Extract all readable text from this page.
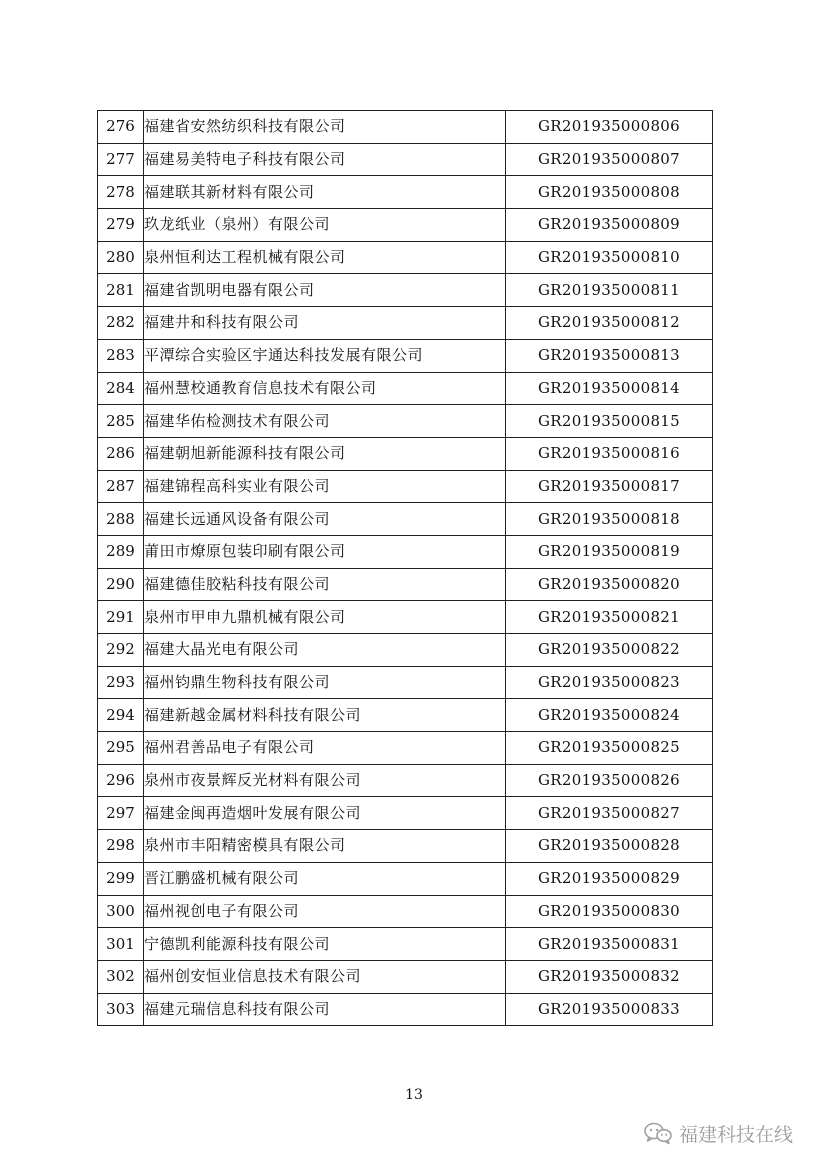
276	福建省安然纺织科技有限公司	GR201935000806
277	福建易美特电子科技有限公司	GR201935000807
278	福建联其新材料有限公司	GR201935000808
279	玖龙纸业（泉州）有限公司	GR201935000809
280	泉州恒利达工程机械有限公司	GR201935000810
281	福建省凯明电器有限公司	GR201935000811
282	福建井和科技有限公司	GR201935000812
283	平潭综合实验区宇通达科技发展有限公司	GR201935000813
284	福州慧校通教育信息技术有限公司	GR201935000814
285	福建华佑检测技术有限公司	GR201935000815
286	福建朝旭新能源科技有限公司	GR201935000816
287	福建锦程高科实业有限公司	GR201935000817
288	福建长远通风设备有限公司	GR201935000818
289	莆田市燎原包装印刷有限公司	GR201935000819
290	福建德佳胶粘科技有限公司	GR201935000820
291	泉州市甲申九鼎机械有限公司	GR201935000821
292	福建大晶光电有限公司	GR201935000822
293	福州钧鼎生物科技有限公司	GR201935000823
294	福建新越金属材料科技有限公司	GR201935000824
295	福州君善品电子有限公司	GR201935000825
296	泉州市夜景辉反光材料有限公司	GR201935000826
297	福建金闽再造烟叶发展有限公司	GR201935000827
298	泉州市丰阳精密模具有限公司	GR201935000828
299	晋江鹏盛机械有限公司	GR201935000829
300	福州视创电子有限公司	GR201935000830
301	宁德凯利能源科技有限公司	GR201935000831
302	福州创安恒业信息技术有限公司	GR201935000832
303	福建元瑞信息科技有限公司	GR201935000833
13
福建科技在线
